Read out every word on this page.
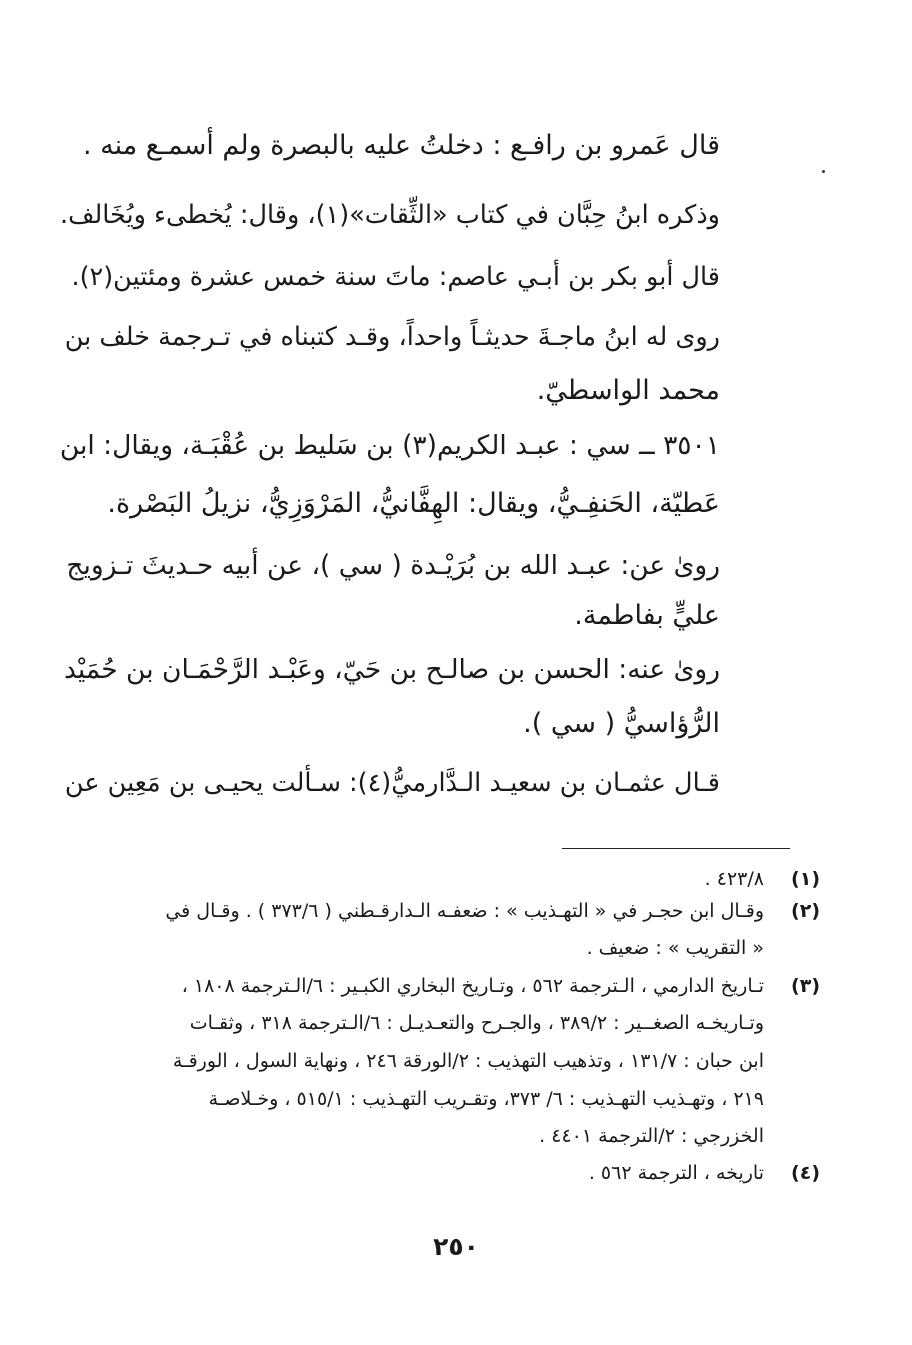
قال عَمرو بن رافـع : دخلتُ عليه بالبصرة ولم أسمـع منه .
وذكره ابنُ حِبَّان في كتاب «الثِّقات»(١)، وقال: يُخطىء ويُخَالف.
قال أبو بكر بن أبـي عاصم: ماتَ سنة خمس عشرة ومئتين(٢).
روى له ابنُ ماجـةَ حديثـاً واحداً، وقـد كتبناه في تـرجمة خلف بن
محمد الواسطيّ.
٣٥٠١ ــ سي : عبـد الكريم(٣) بن سَليط بن عُقْبَـة، ويقال: ابن
عَطيّة، الحَنفِـيُّ، ويقال: الهِفَّانيُّ، المَرْوَزِيُّ، نزيلُ البَصْرة.
روىٰ عن: عبـد الله بن بُرَيْـدة ( سي )، عن أبيه حـديثَ تـزويج
عليٍّ بفاطمة.
روىٰ عنه: الحسن بن صالـح بن حَيّ، وعَبْـد الرَّحْمَـان بن حُمَيْد
الرُّؤاسيُّ ( سي ).
قـال عثمـان بن سعيـد الـدَّارميُّ(٤): سـألت يحيـى بن مَعِين عن
(١)
(٢)
(٣)
(٤)
٤٢٣/٨ .
وقـال ابن حجـر في « التهـذيب » : ضعفـه الـدارقـطني ( ٣٧٣/٦ ) . وقـال في
« التقريب » : ضعيف .
تـاريخ الدارمي ، الـترجمة ٥٦٢ ، وتـاريخ البخاري الكبـير : ٦/الـترجمة ١٨٠٨ ،
وتـاريخـه الصغــير : ٣٨٩/٢ ، والجـرح والتعـديـل : ٦/الـترجمة ٣١٨ ، وثقـات
ابن حبان : ١٣١/٧ ، وتذهيب التهذيب : ٢/الورقة ٢٤٦ ، ونهاية السول ، الورقـة
٢١٩ ، وتهـذيب التهـذيب : ٦/ ٣٧٣، وتقـريب التهـذيب : ٥١٥/١ ، وخـلاصـة
الخزرجي : ٢/الترجمة ٤٤٠١ .
تاريخه ، الترجمة ٥٦٢ .
٢٥٠
